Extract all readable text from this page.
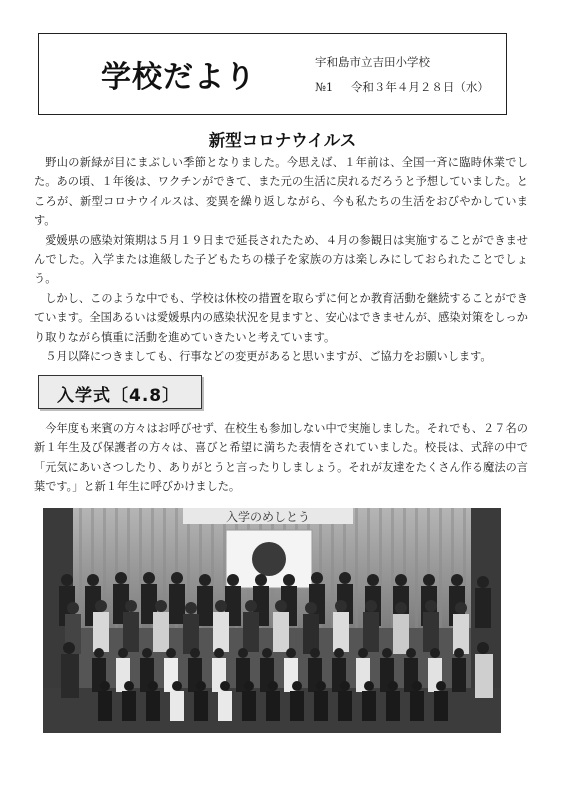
学校だより	宇和島市立吉田小学校
№1 令和３年４月２８日（水）
新型コロナウイルス

野山の新緑が目にまぶしい季節となりました。今思えば、１年前は、全国一斉に臨時休業でした。あの頃、１年後は、ワクチンができて、また元の生活に戻れるだろうと予想していました。ところが、新型コロナウイルスは、変異を繰り返しながら、今も私たちの生活をおびやかしています。

愛媛県の感染対策期は５月１９日まで延長されたため、４月の参観日は実施することができませんでした。入学または進級した子どもたちの様子を家族の方は楽しみにしておられたことでしょう。

しかし、このような中でも、学校は休校の措置を取らずに何とか教育活動を継続することができています。全国あるいは愛媛県内の感染状況を見ますと、安心はできませんが、感染対策をしっかり取りながら慎重に活動を進めていきたいと考えています。

５月以降につきましても、行事などの変更があると思いますが、ご協力をお願いします。

入学式〔4.8〕

今年度も来賓の方々はお呼びせず、在校生も参加しない中で実施しました。それでも、２７名の新１年生及び保護者の方々は、喜びと希望に満ちた表情をされていました。校長は、式辞の中で「元気にあいさつしたり、ありがとうと言ったりしましょう。それが友達をたくさん作る魔法の言葉です。」と新１年生に呼びかけました。

入学のめしとう
